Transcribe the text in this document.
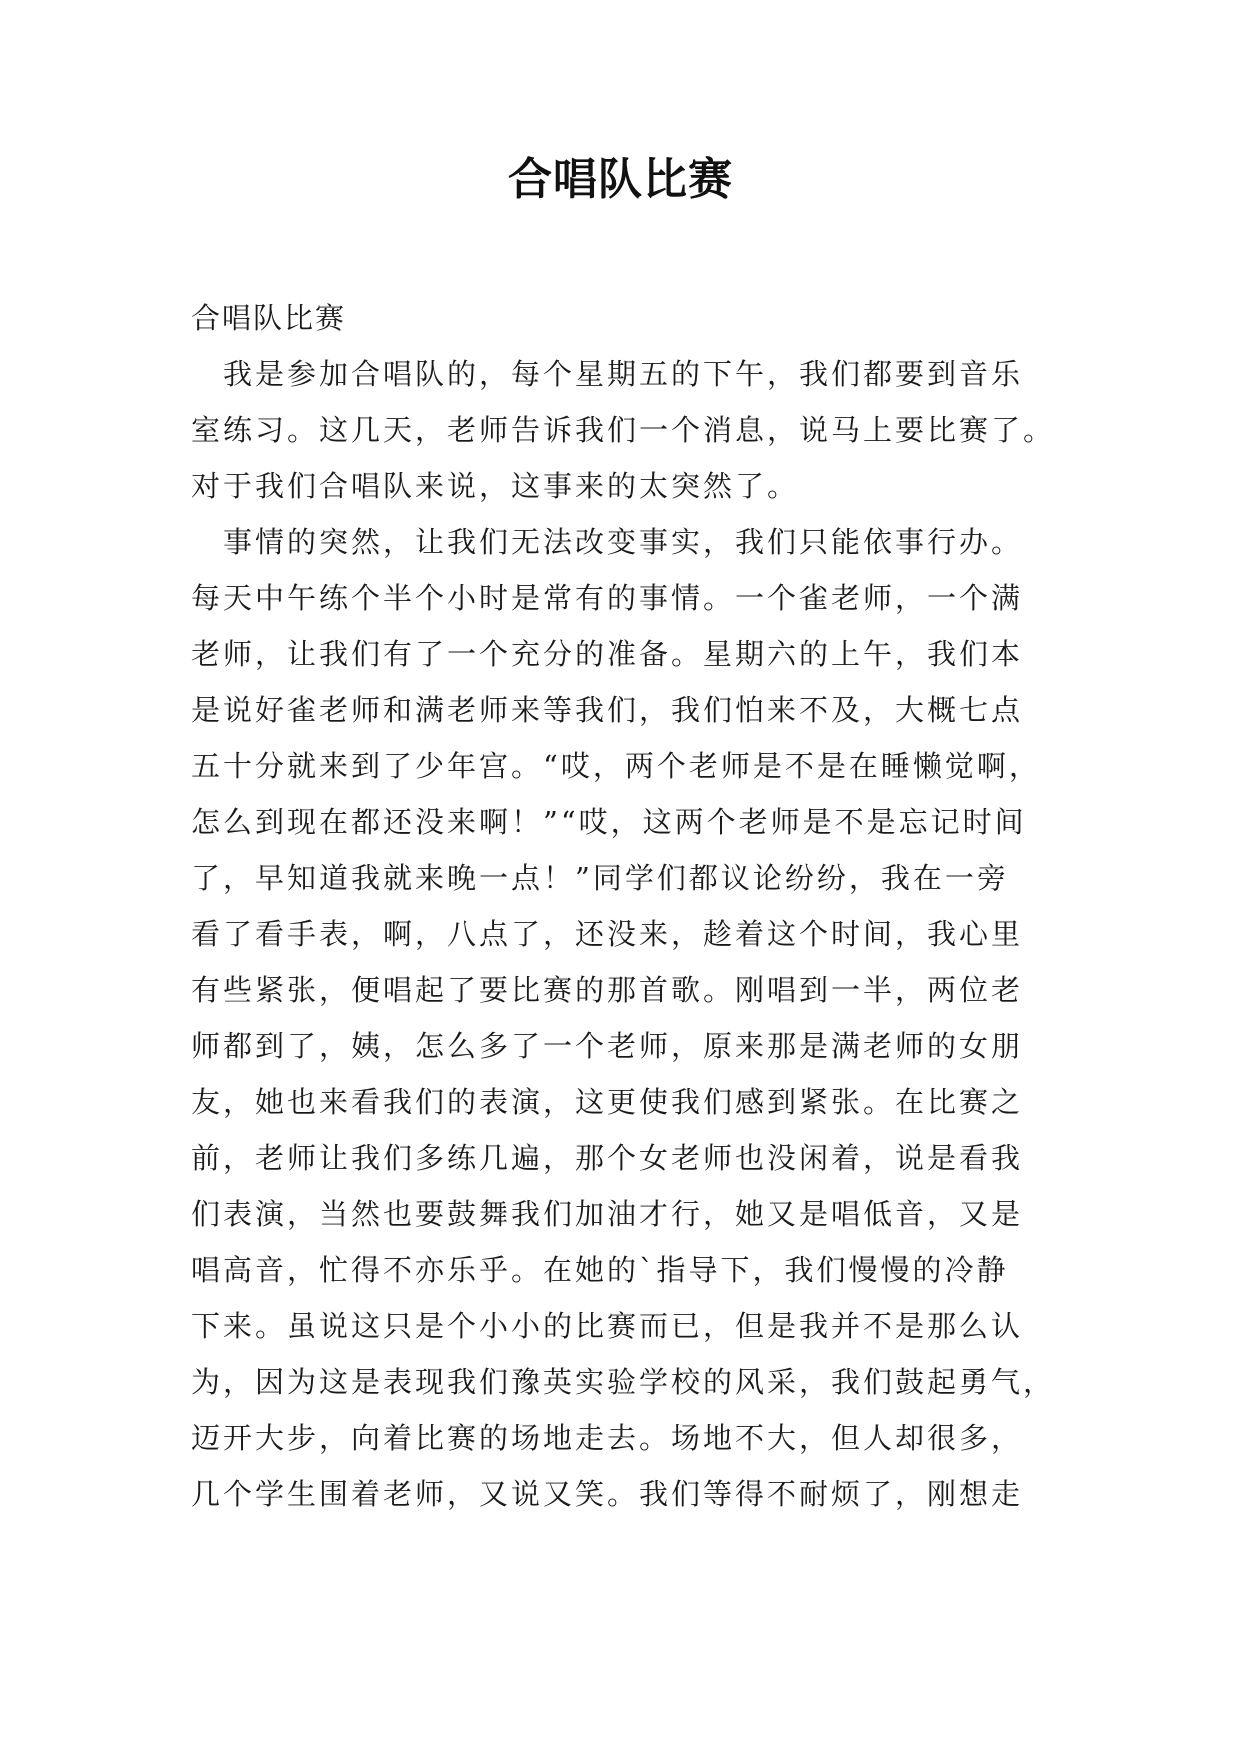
合唱队比赛
合唱队比赛
　我是参加合唱队的，每个星期五的下午，我们都要到音乐
室练习。这几天，老师告诉我们一个消息，说马上要比赛了。
对于我们合唱队来说，这事来的太突然了。
　事情的突然，让我们无法改变事实，我们只能依事行办。
每天中午练个半个小时是常有的事情。一个雀老师，一个满
老师，让我们有了一个充分的准备。星期六的上午，我们本
是说好雀老师和满老师来等我们，我们怕来不及，大概七点
五十分就来到了少年宫。“哎，两个老师是不是在睡懒觉啊，
怎么到现在都还没来啊！”“哎，这两个老师是不是忘记时间
了，早知道我就来晚一点！”同学们都议论纷纷，我在一旁
看了看手表，啊，八点了，还没来，趁着这个时间，我心里
有些紧张，便唱起了要比赛的那首歌。刚唱到一半，两位老
师都到了，姨，怎么多了一个老师，原来那是满老师的女朋
友，她也来看我们的表演，这更使我们感到紧张。在比赛之
前，老师让我们多练几遍，那个女老师也没闲着，说是看我
们表演，当然也要鼓舞我们加油才行，她又是唱低音，又是
唱高音，忙得不亦乐乎。在她的`指导下，我们慢慢的冷静
下来。虽说这只是个小小的比赛而已，但是我并不是那么认
为，因为这是表现我们豫英实验学校的风采，我们鼓起勇气，
迈开大步，向着比赛的场地走去。场地不大，但人却很多，
几个学生围着老师，又说又笑。我们等得不耐烦了，刚想走
